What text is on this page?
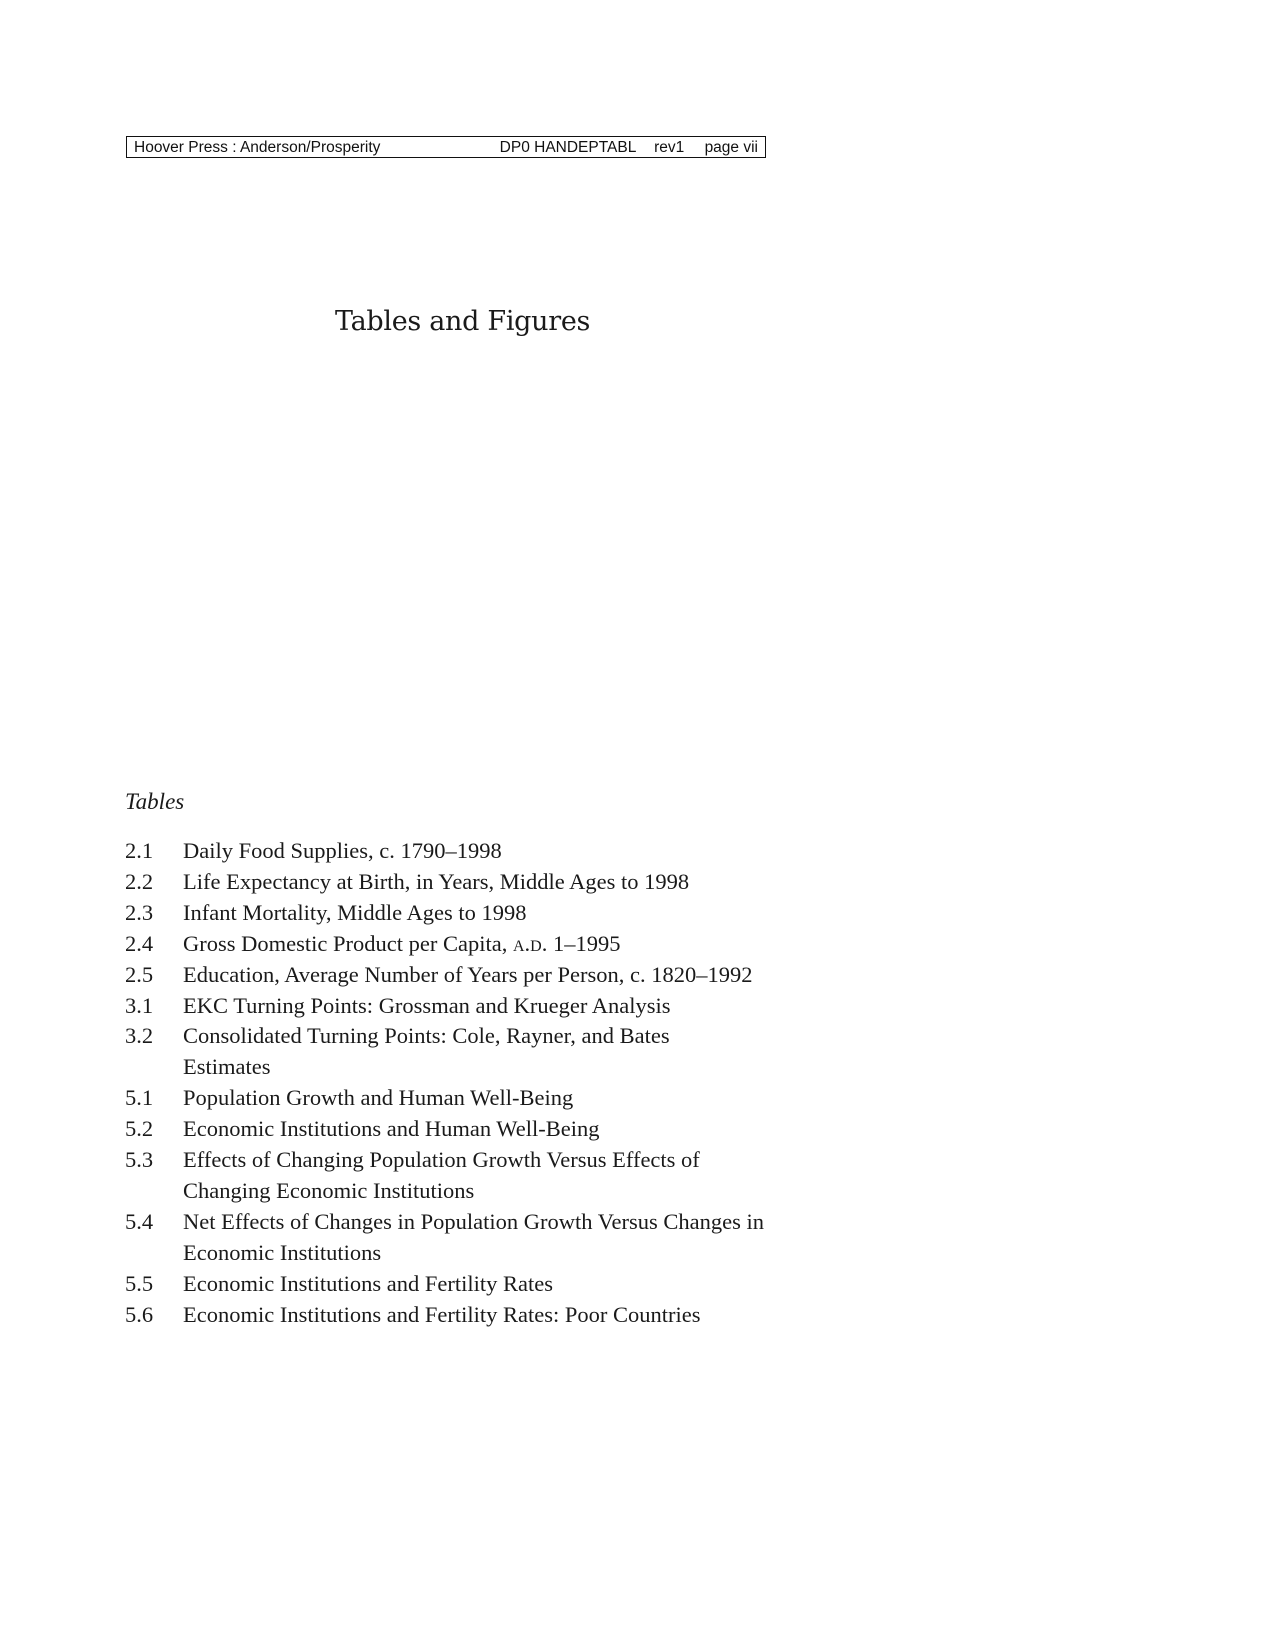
Hoover Press : Anderson/Prosperity	DP0 HANDEPTABL rev1 page vii
Tables and Figures
Tables
2.1	Daily Food Supplies, c. 1790–1998
2.2	Life Expectancy at Birth, in Years, Middle Ages to 1998
2.3	Infant Mortality, Middle Ages to 1998
2.4	Gross Domestic Product per Capita, a.d. 1–1995
2.5	Education, Average Number of Years per Person, c. 1820–1992
3.1	EKC Turning Points: Grossman and Krueger Analysis
3.2	Consolidated Turning Points: Cole, Rayner, and Bates Estimates
5.1	Population Growth and Human Well-Being
5.2	Economic Institutions and Human Well-Being
5.3	Effects of Changing Population Growth Versus Effects of Changing Economic Institutions
5.4	Net Effects of Changes in Population Growth Versus Changes in Economic Institutions
5.5	Economic Institutions and Fertility Rates
5.6	Economic Institutions and Fertility Rates: Poor Countries
